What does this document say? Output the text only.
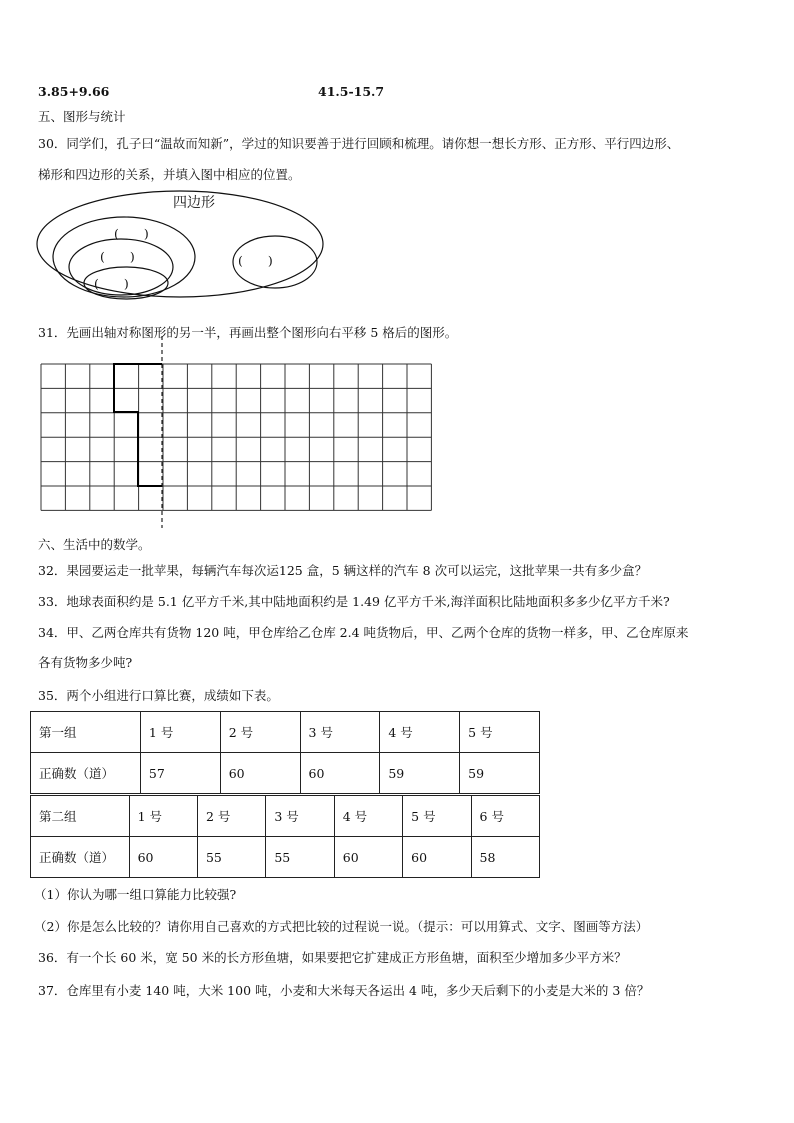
3.85+9.66	41.5-15.7
五、图形与统计
30．同学们，孔子曰“温故而知新”，学过的知识要善于进行回顾和梳理。请你想一想长方形、正方形、平行四边形、
梯形和四边形的关系，并填入图中相应的位置。
四边形
(　　)
(　　)
(　　)
(　　)
31．先画出轴对称图形的另一半，再画出整个图形向右平移 5 格后的图形。
六、生活中的数学。
32．果园要运走一批苹果，每辆汽车每次运125 盒，5 辆这样的汽车 8 次可以运完，这批苹果一共有多少盒？
33．地球表面积约是 5.1 亿平方千米,其中陆地面积约是 1.49 亿平方千米,海洋面积比陆地面积多多少亿平方千米?
34．甲、乙两仓库共有货物 120 吨，甲仓库给乙仓库 2.4 吨货物后，甲、乙两个仓库的货物一样多，甲、乙仓库原来
各有货物多少吨?
35．两个小组进行口算比赛，成绩如下表。
第一组	1 号	2 号	3 号	4 号	5 号
正确数（道）	57	60	60	59	59
第二组	1 号	2 号	3 号	4 号	5 号	6 号
正确数（道）	60	55	55	60	60	58
（1）你认为哪一组口算能力比较强?
（2）你是怎么比较的？请你用自己喜欢的方式把比较的过程说一说。（提示：可以用算式、文字、图画等方法）
36．有一个长 60 米，宽 50 米的长方形鱼塘，如果要把它扩建成正方形鱼塘，面积至少增加多少平方米？
37．仓库里有小麦 140 吨，大米 100 吨，小麦和大米每天各运出 4 吨，多少天后剩下的小麦是大米的 3 倍？
